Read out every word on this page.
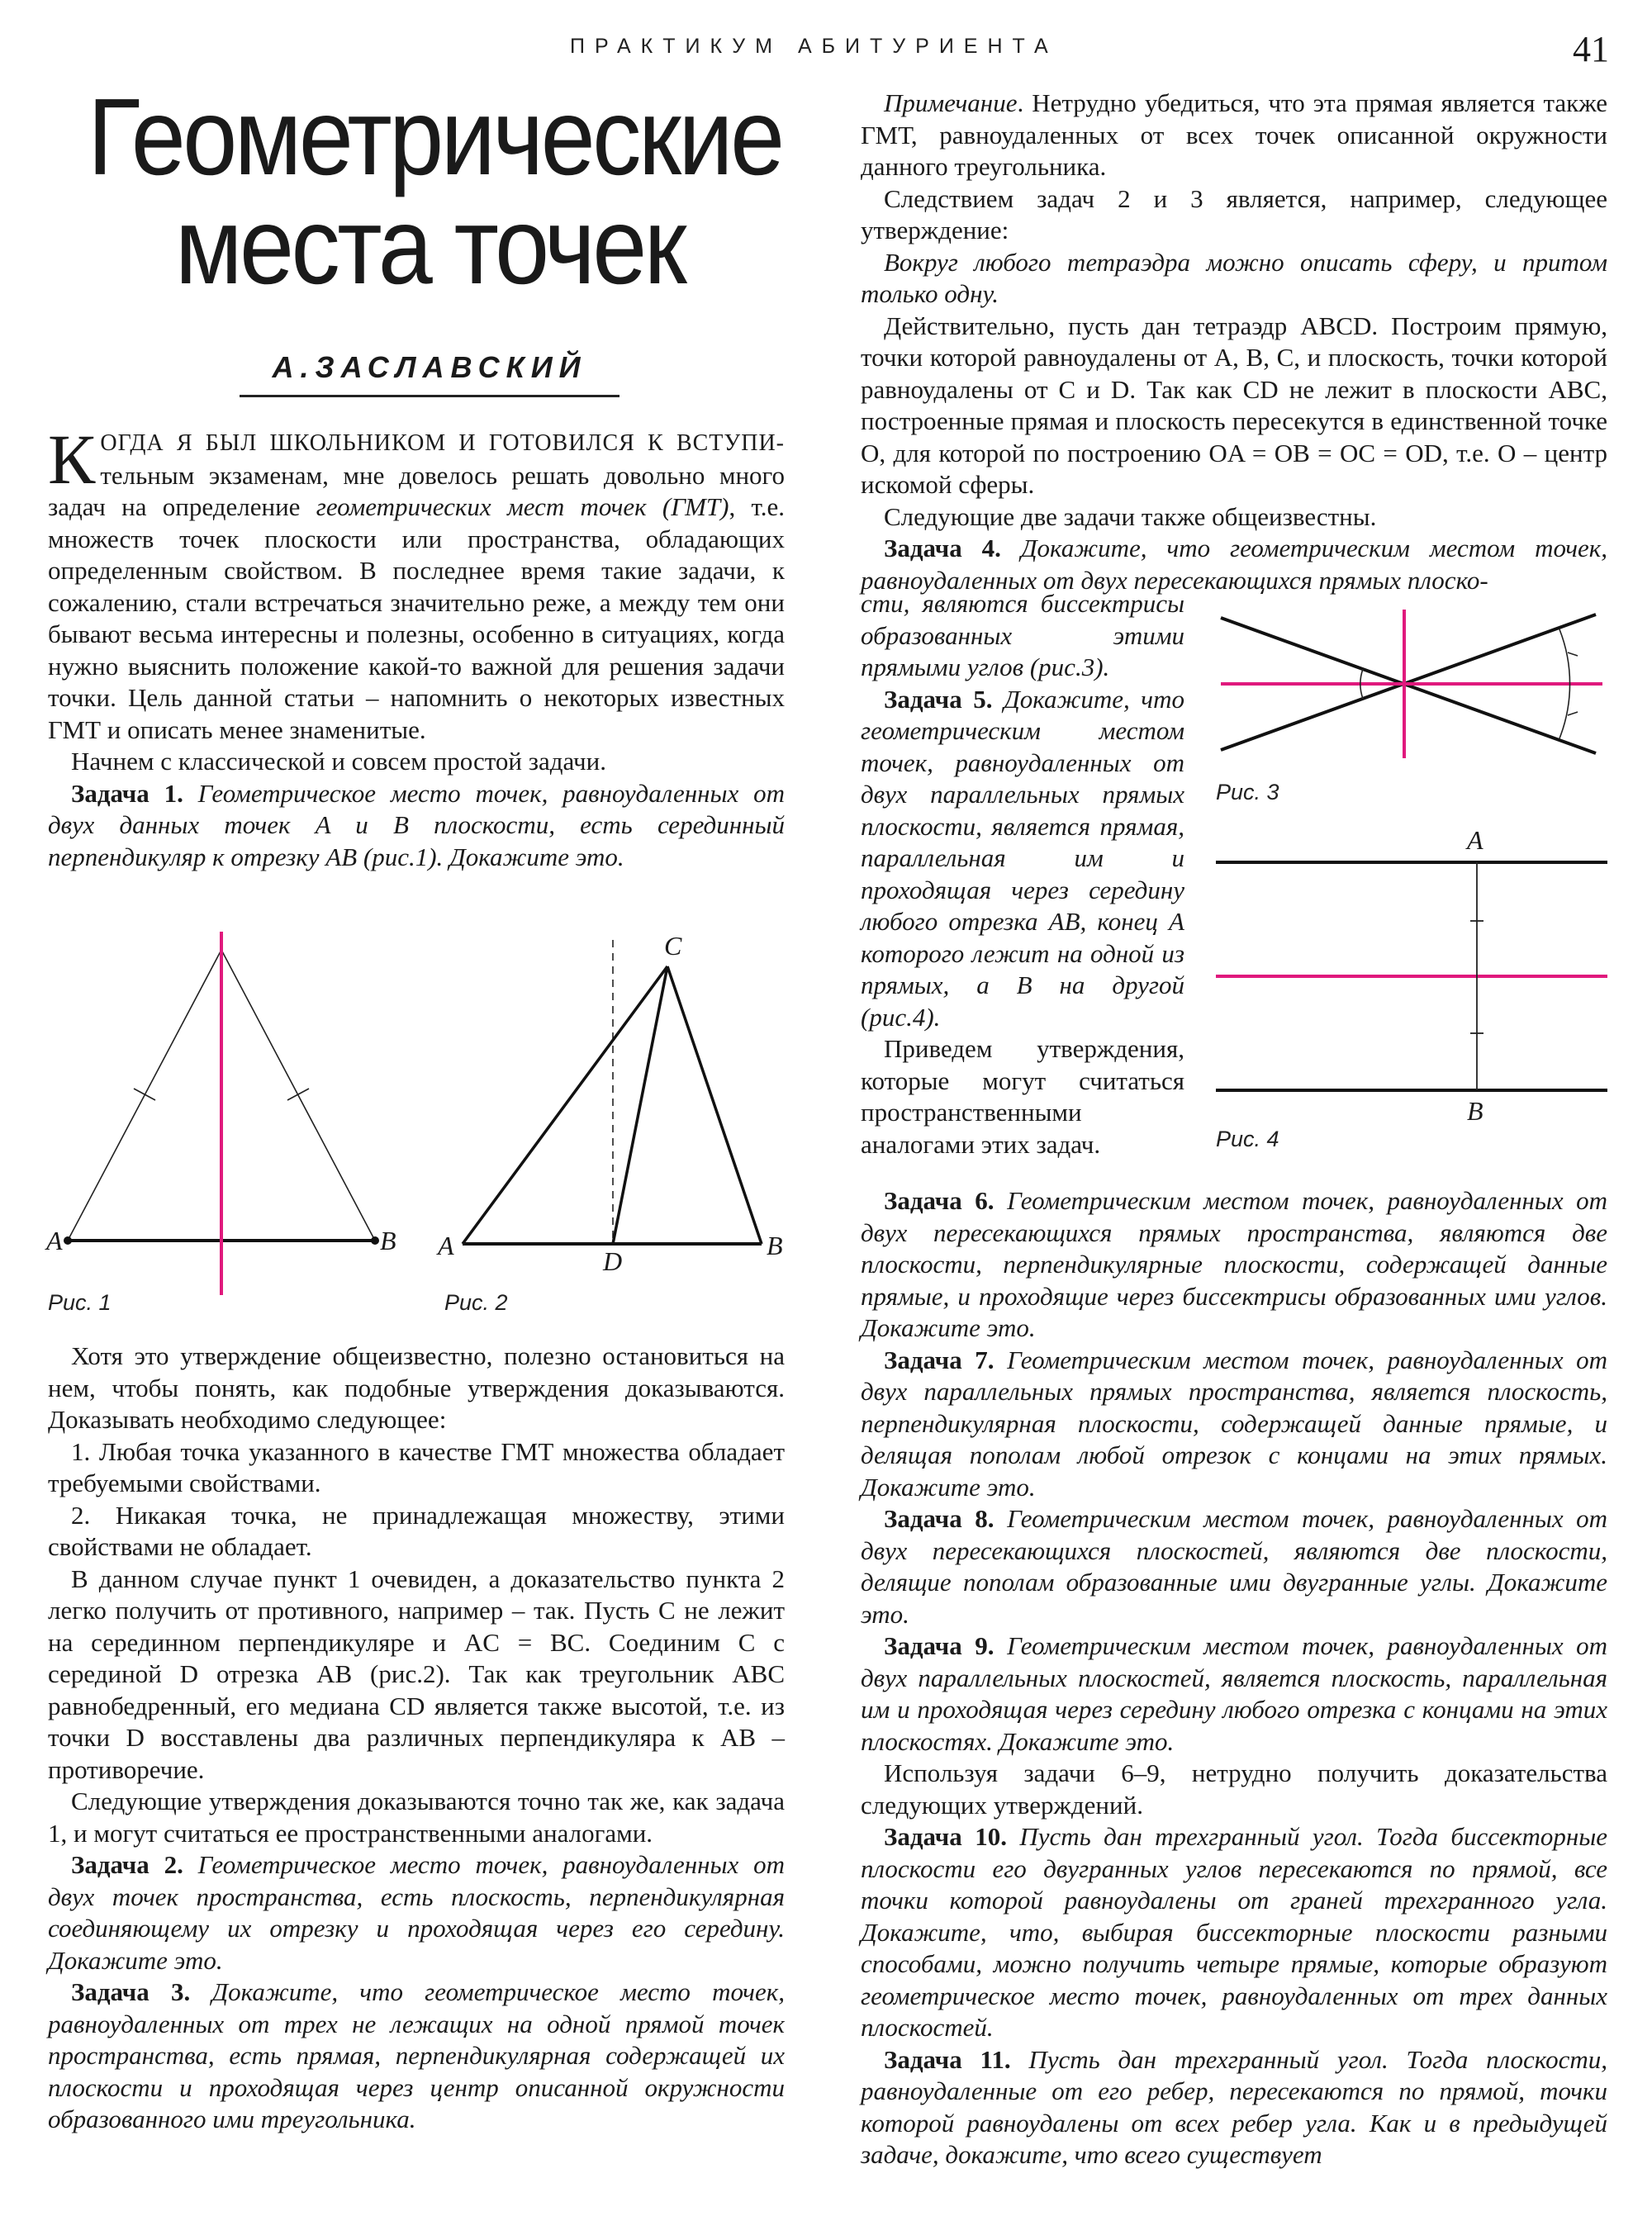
ПРАКТИКУМ АБИТУРИЕНТА	41
Геометрические
места точек
А.ЗАСЛАВСКИЙ

КОГДА Я БЫЛ ШКОЛЬНИКОМ И ГОТОВИЛСЯ К ВСТУПИ- тельным экзаменам, мне довелось решать довольно много задач на определение геометрических мест точек (ГМТ), т.е. множеств точек плоскости или пространства, обладающих определенным свойством. В последнее время такие задачи, к сожалению, стали встречаться значительно реже, а между тем они бывают весьма интересны и полезны, особенно в ситуациях, когда нужно выяснить положение какой-то важной для решения задачи точки. Цель данной статьи – напомнить о некоторых известных ГМТ и описать менее знаменитые.

Начнем с классической и совсем простой задачи.

Задача 1. Геометрическое место точек, равноудаленных от двух данных точек A и B плоскости, есть серединный перпендикуляр к отрезку AB (рис.1). Докажите это.

A	B
Рис. 1
C
A	B
D
Рис. 2

Хотя это утверждение общеизвестно, полезно остановиться на нем, чтобы понять, как подобные утверждения доказываются. Доказывать необходимо следующее:

1. Любая точка указанного в качестве ГМТ множества обладает требуемыми свойствами.

2. Никакая точка, не принадлежащая множеству, этими свойствами не обладает.

В данном случае пункт 1 очевиден, а доказательство пункта 2 легко получить от противного, например – так. Пусть C не лежит на серединном перпендикуляре и AC = BC. Соединим C с серединой D отрезка AB (рис.2). Так как треугольник ABC равнобедренный, его медиана CD является также высотой, т.е. из точки D восставлены два различных перпендикуляра к AB – противоречие.

Следующие утверждения доказываются точно так же, как задача 1, и могут считаться ее пространственными аналогами.

Задача 2. Геометрическое место точек, равноудаленных от двух точек пространства, есть плоскость, перпендикулярная соединяющему их отрезку и проходящая через его середину. Докажите это.

Задача 3. Докажите, что геометрическое место точек, равноудаленных от трех не лежащих на одной прямой точек пространства, есть прямая, перпендикулярная содержащей их плоскости и проходящая через центр описанной окружности образованного ими треугольника.

Примечание. Нетрудно убедиться, что эта прямая является также ГМТ, равноудаленных от всех точек описанной окружности данного треугольника.

Следствием задач 2 и 3 является, например, следующее утверждение:

Вокруг любого тетраэдра можно описать сферу, и притом только одну.

Действительно, пусть дан тетраэдр ABCD. Построим прямую, точки которой равноудалены от A, B, C, и плоскость, точки которой равноудалены от C и D. Так как CD не лежит в плоскости ABC, построенные прямая и плоскость пересекутся в единственной точке O, для которой по построению OA = OB = OC = OD, т.е. O – центр искомой сферы.

Следующие две задачи также общеизвестны.

Задача 4. Докажите, что геометрическим местом точек, равноудаленных от двух пересекающихся прямых плоско-

сти, являются биссектрисы образованных этими прямыми углов (рис.3).

Задача 5. Докажите, что геометрическим местом точек, равноудаленных от двух параллельных прямых плоскости, является прямая, параллельная им и проходящая через середину любого отрезка AB, конец A которого лежит на одной из прямых, а B на другой (рис.4).

Приведем утверждения, которые могут считаться пространственными аналогами этих задач.

Рис. 3
A
B
Рис. 4

Задача 6. Геометрическим местом точек, равноудаленных от двух пересекающихся прямых пространства, являются две плоскости, перпендикулярные плоскости, содержащей данные прямые, и проходящие через биссектрисы образованных ими углов. Докажите это.

Задача 7. Геометрическим местом точек, равноудаленных от двух параллельных прямых пространства, является плоскость, перпендикулярная плоскости, содержащей данные прямые, и делящая пополам любой отрезок с концами на этих прямых. Докажите это.

Задача 8. Геометрическим местом точек, равноудаленных от двух пересекающихся плоскостей, являются две плоскости, делящие пополам образованные ими двугранные углы. Докажите это.

Задача 9. Геометрическим местом точек, равноудаленных от двух параллельных плоскостей, является плоскость, параллельная им и проходящая через середину любого отрезка с концами на этих плоскостях. Докажите это.

Используя задачи 6–9, нетрудно получить доказательства следующих утверждений.

Задача 10. Пусть дан трехгранный угол. Тогда биссекторные плоскости его двугранных углов пересекаются по прямой, все точки которой равноудалены от граней трехгранного угла. Докажите, что, выбирая биссекторные плоскости разными способами, можно получить четыре прямые, которые образуют геометрическое место точек, равноудаленных от трех данных плоскостей.

Задача 11. Пусть дан трехгранный угол. Тогда плоскости, равноудаленные от его ребер, пересекаются по прямой, точки которой равноудалены от всех ребер угла. Как и в предыдущей задаче, докажите, что всего существует
